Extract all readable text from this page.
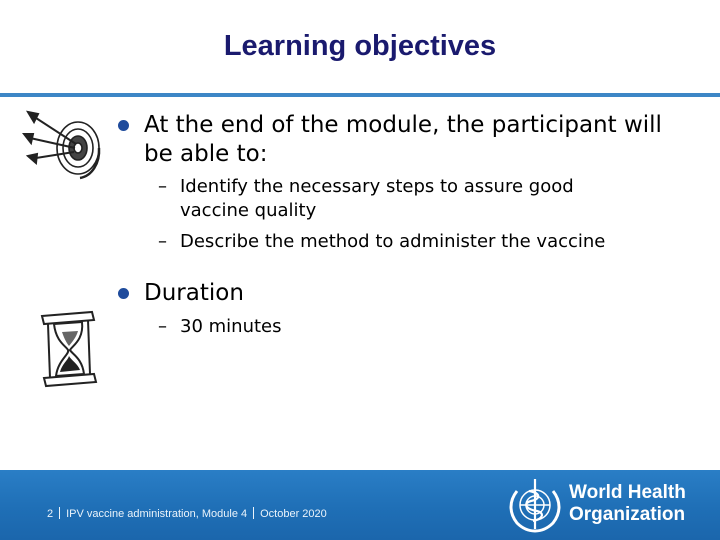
Learning objectives
At the end of the module, the participant will
be able to:
– Identify the necessary steps to assure good
vaccine quality
– Describe the method to administer the vaccine
Duration
– 30 minutes
2 IPV vaccine administration, Module 4 October 2020
World Health
Organization
